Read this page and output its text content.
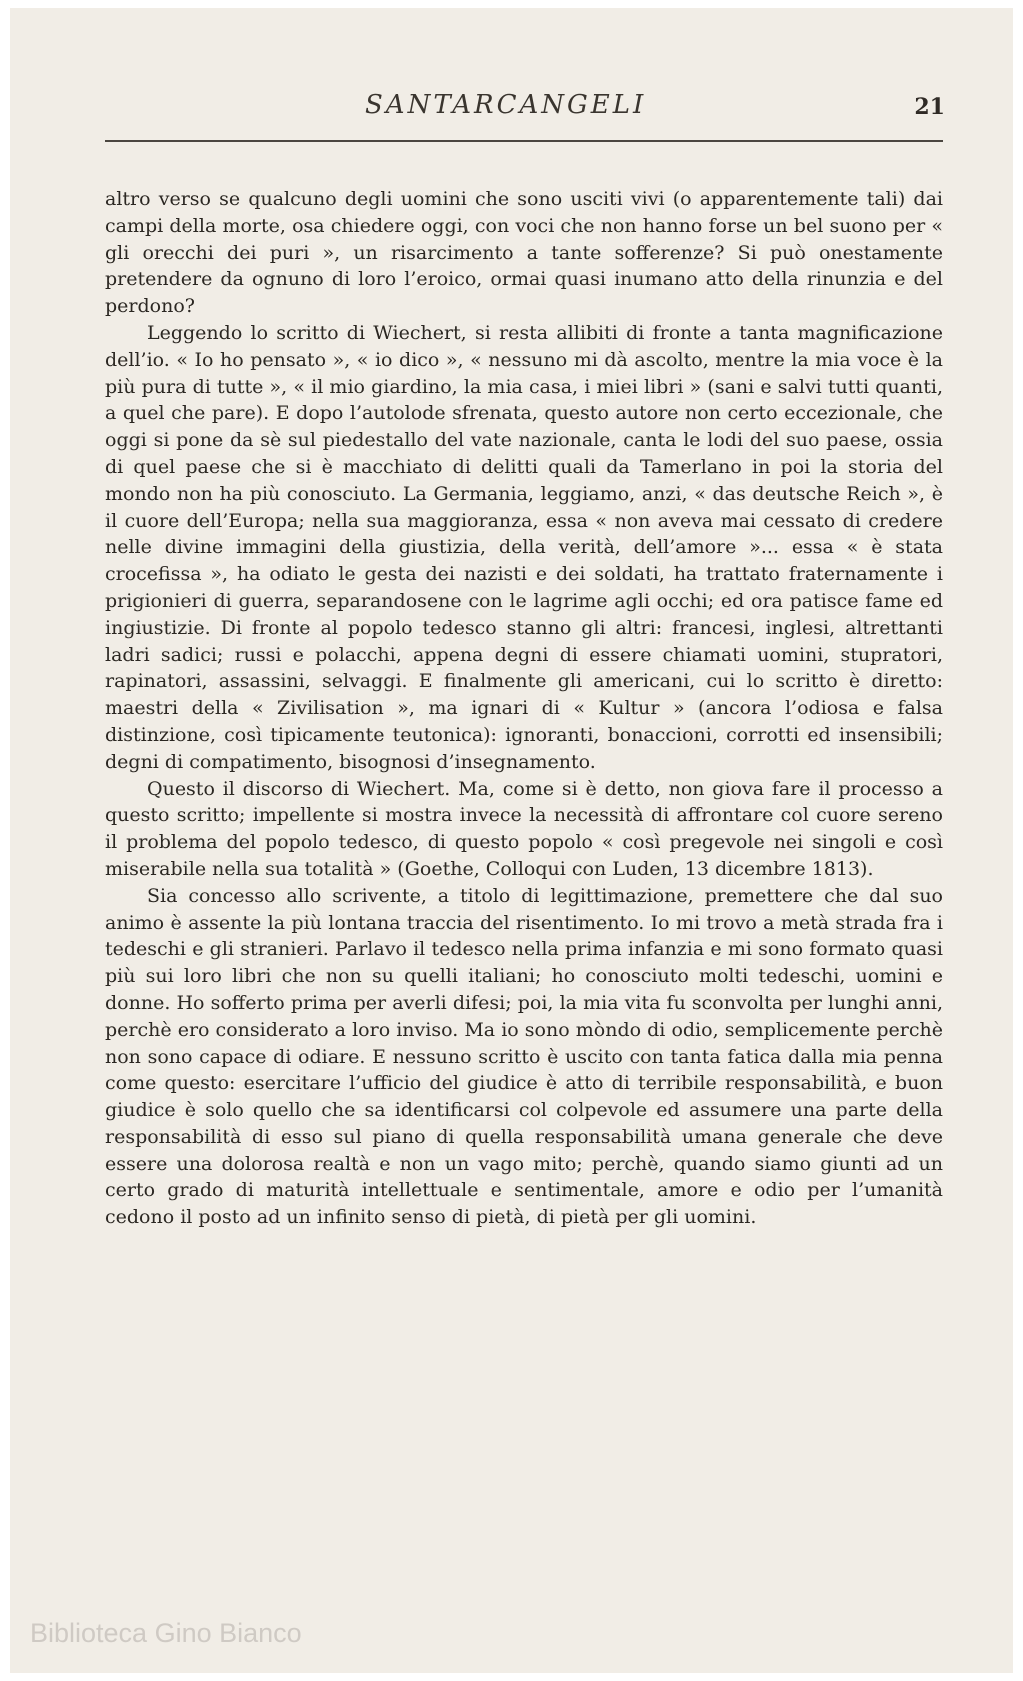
SANTARCANGELI	21

altro verso se qualcuno degli uomini che sono usciti vivi (o apparentemente tali) dai campi della morte, osa chiedere oggi, con voci che non hanno forse un bel suono per « gli orecchi dei puri », un risarcimento a tante sofferenze? Si può onestamente pretendere da ognuno di loro l’eroico, ormai quasi inumano atto della rinunzia e del perdono?

Leggendo lo scritto di Wiechert, si resta allibiti di fronte a tanta magnificazione dell’io. « Io ho pensato », « io dico », « nessuno mi dà ascolto, mentre la mia voce è la più pura di tutte », « il mio giardino, la mia casa, i miei libri » (sani e salvi tutti quanti, a quel che pare). E dopo l’autolode sfrenata, questo autore non certo eccezionale, che oggi si pone da sè sul piedestallo del vate nazionale, canta le lodi del suo paese, ossia di quel paese che si è macchiato di delitti quali da Tamerlano in poi la storia del mondo non ha più conosciuto. La Germania, leggiamo, anzi, « das deutsche Reich », è il cuore dell’Europa; nella sua maggioranza, essa « non aveva mai cessato di credere nelle divine immagini della giustizia, della verità, dell’amore »... essa « è stata crocefissa », ha odiato le gesta dei nazisti e dei soldati, ha trattato fraternamente i prigionieri di guerra, separandosene con le lagrime agli occhi; ed ora patisce fame ed ingiustizie. Di fronte al popolo tedesco stanno gli altri: francesi, inglesi, altrettanti ladri sadici; russi e polacchi, appena degni di essere chiamati uomini, stupratori, rapinatori, assassini, selvaggi. E finalmente gli americani, cui lo scritto è diretto: maestri della « Zivilisation », ma ignari di « Kultur » (ancora l’odiosa e falsa distinzione, così tipicamente teutonica): ignoranti, bonaccioni, corrotti ed insensibili; degni di compatimento, bisognosi d’insegnamento.

Questo il discorso di Wiechert. Ma, come si è detto, non giova fare il processo a questo scritto; impellente si mostra invece la necessità di affrontare col cuore sereno il problema del popolo tedesco, di questo popolo « così pregevole nei singoli e così miserabile nella sua totalità » (Goethe, Colloqui con Luden, 13 dicembre 1813).

Sia concesso allo scrivente, a titolo di legittimazione, premettere che dal suo animo è assente la più lontana traccia del risentimento. Io mi trovo a metà strada fra i tedeschi e gli stranieri. Parlavo il tedesco nella prima infanzia e mi sono formato quasi più sui loro libri che non su quelli italiani; ho conosciuto molti tedeschi, uomini e donne. Ho sofferto prima per averli difesi; poi, la mia vita fu sconvolta per lunghi anni, perchè ero considerato a loro inviso. Ma io sono mòndo di odio, semplicemente perchè non sono capace di odiare. E nessuno scritto è uscito con tanta fatica dalla mia penna come questo: esercitare l’ufficio del giudice è atto di terribile responsabilità, e buon giudice è solo quello che sa identificarsi col colpevole ed assumere una parte della responsabilità di esso sul piano di quella responsabilità umana generale che deve essere una dolorosa realtà e non un vago mito; perchè, quando siamo giunti ad un certo grado di maturità intellettuale e sentimentale, amore e odio per l’umanità cedono il posto ad un infinito senso di pietà, di pietà per gli uomini.

Biblioteca Gino Bianco
